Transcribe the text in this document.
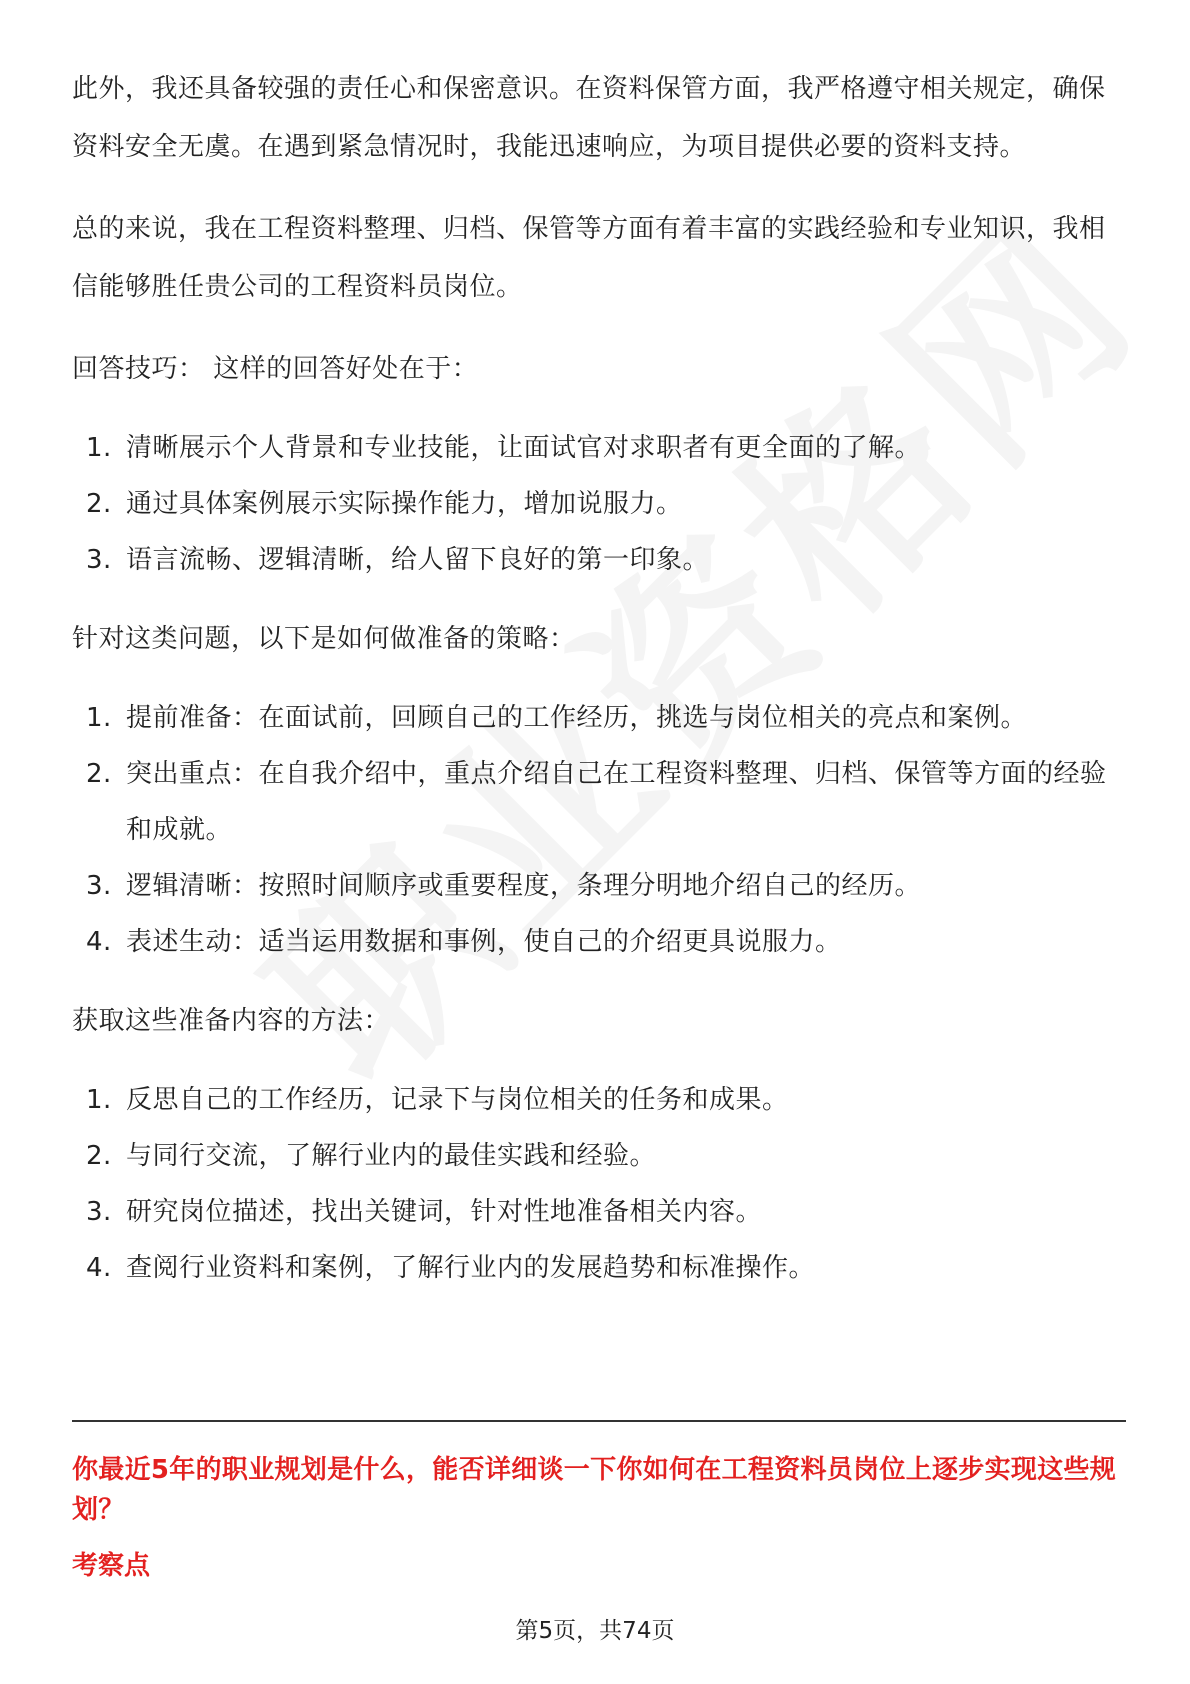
此外，我还具备较强的责任心和保密意识。在资料保管方面，我严格遵守相关规定，确保资料安全无虞。在遇到紧急情况时，我能迅速响应，为项目提供必要的资料支持。

总的来说，我在工程资料整理、归档、保管等方面有着丰富的实践经验和专业知识，我相信能够胜任贵公司的工程资料员岗位。

回答技巧： 这样的回答好处在于：

1. 清晰展示个人背景和专业技能，让面试官对求职者有更全面的了解。
2. 通过具体案例展示实际操作能力，增加说服力。
3. 语言流畅、逻辑清晰，给人留下良好的第一印象。

针对这类问题，以下是如何做准备的策略：

1. 提前准备：在面试前，回顾自己的工作经历，挑选与岗位相关的亮点和案例。
2. 突出重点：在自我介绍中，重点介绍自己在工程资料整理、归档、保管等方面的经验和成就。
3. 逻辑清晰：按照时间顺序或重要程度，条理分明地介绍自己的经历。
4. 表述生动：适当运用数据和事例，使自己的介绍更具说服力。

获取这些准备内容的方法：

1. 反思自己的工作经历，记录下与岗位相关的任务和成果。
2. 与同行交流，了解行业内的最佳实践和经验。
3. 研究岗位描述，找出关键词，针对性地准备相关内容。
4. 查阅行业资料和案例，了解行业内的发展趋势和标准操作。
你最近5年的职业规划是什么，能否详细谈一下你如何在工程资料员岗位上逐步实现这些规划？
考察点
第5页，共74页
